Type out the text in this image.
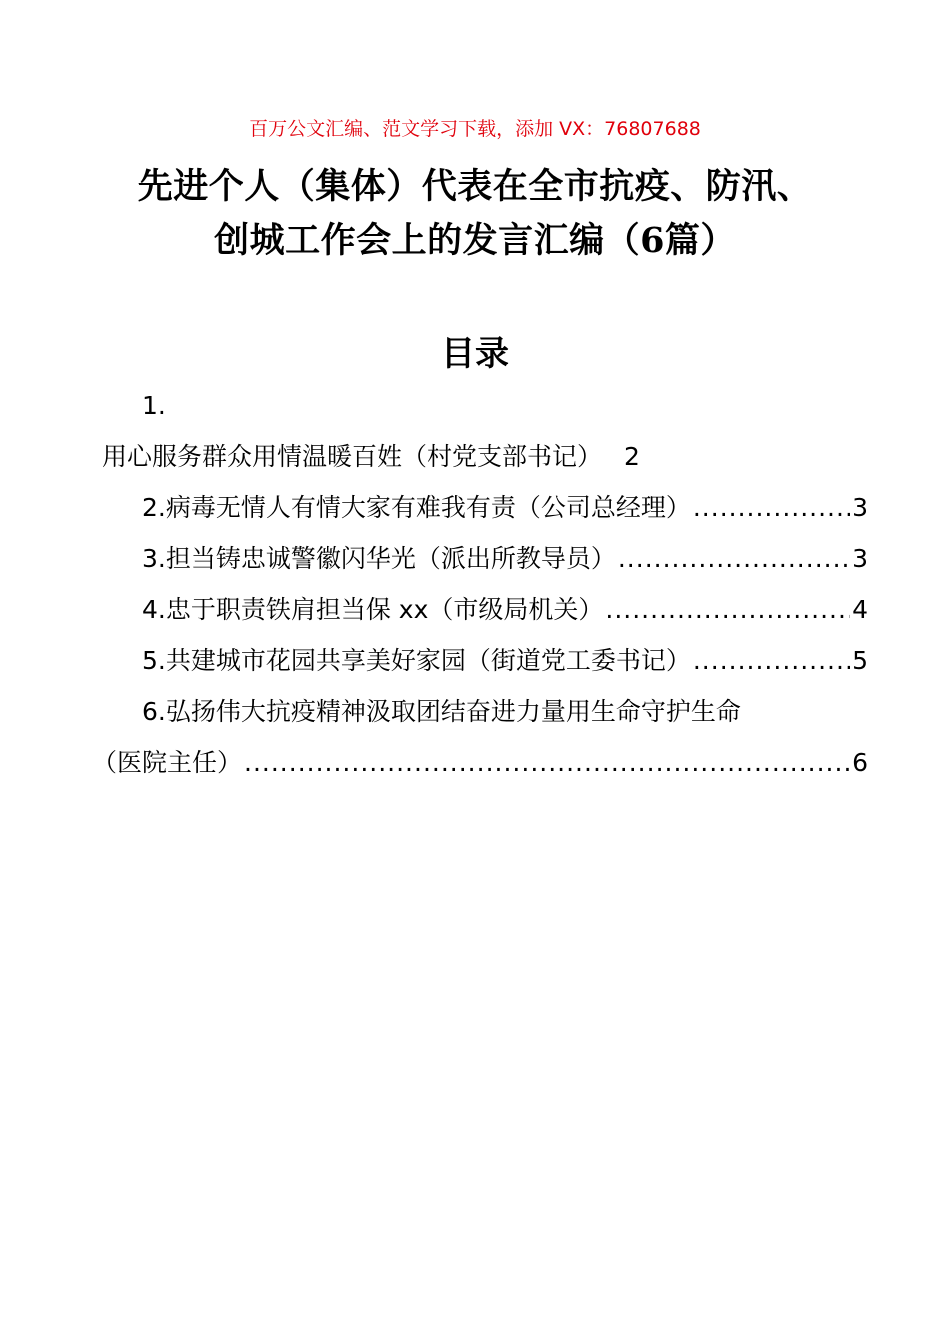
百万公文汇编、范文学习下载，添加 VX：76807688
先进个人（集体）代表在全市抗疫、防汛、
创城工作会上的发言汇编（6篇）
目录
1.
用心服务群众用情温暖百姓（村党支部书记） 2
2.病毒无情人有情大家有难我有责（公司总经理） .....	3
3.担当铸忠诚警徽闪华光（派出所教导员） .....	3
4.忠于职责铁肩担当保 xx（市级局机关） .....	4
5.共建城市花园共享美好家园（街道党工委书记） .....	5
6.弘扬伟大抗疫精神汲取团结奋进力量用生命守护生命
（医院主任） .....	6
